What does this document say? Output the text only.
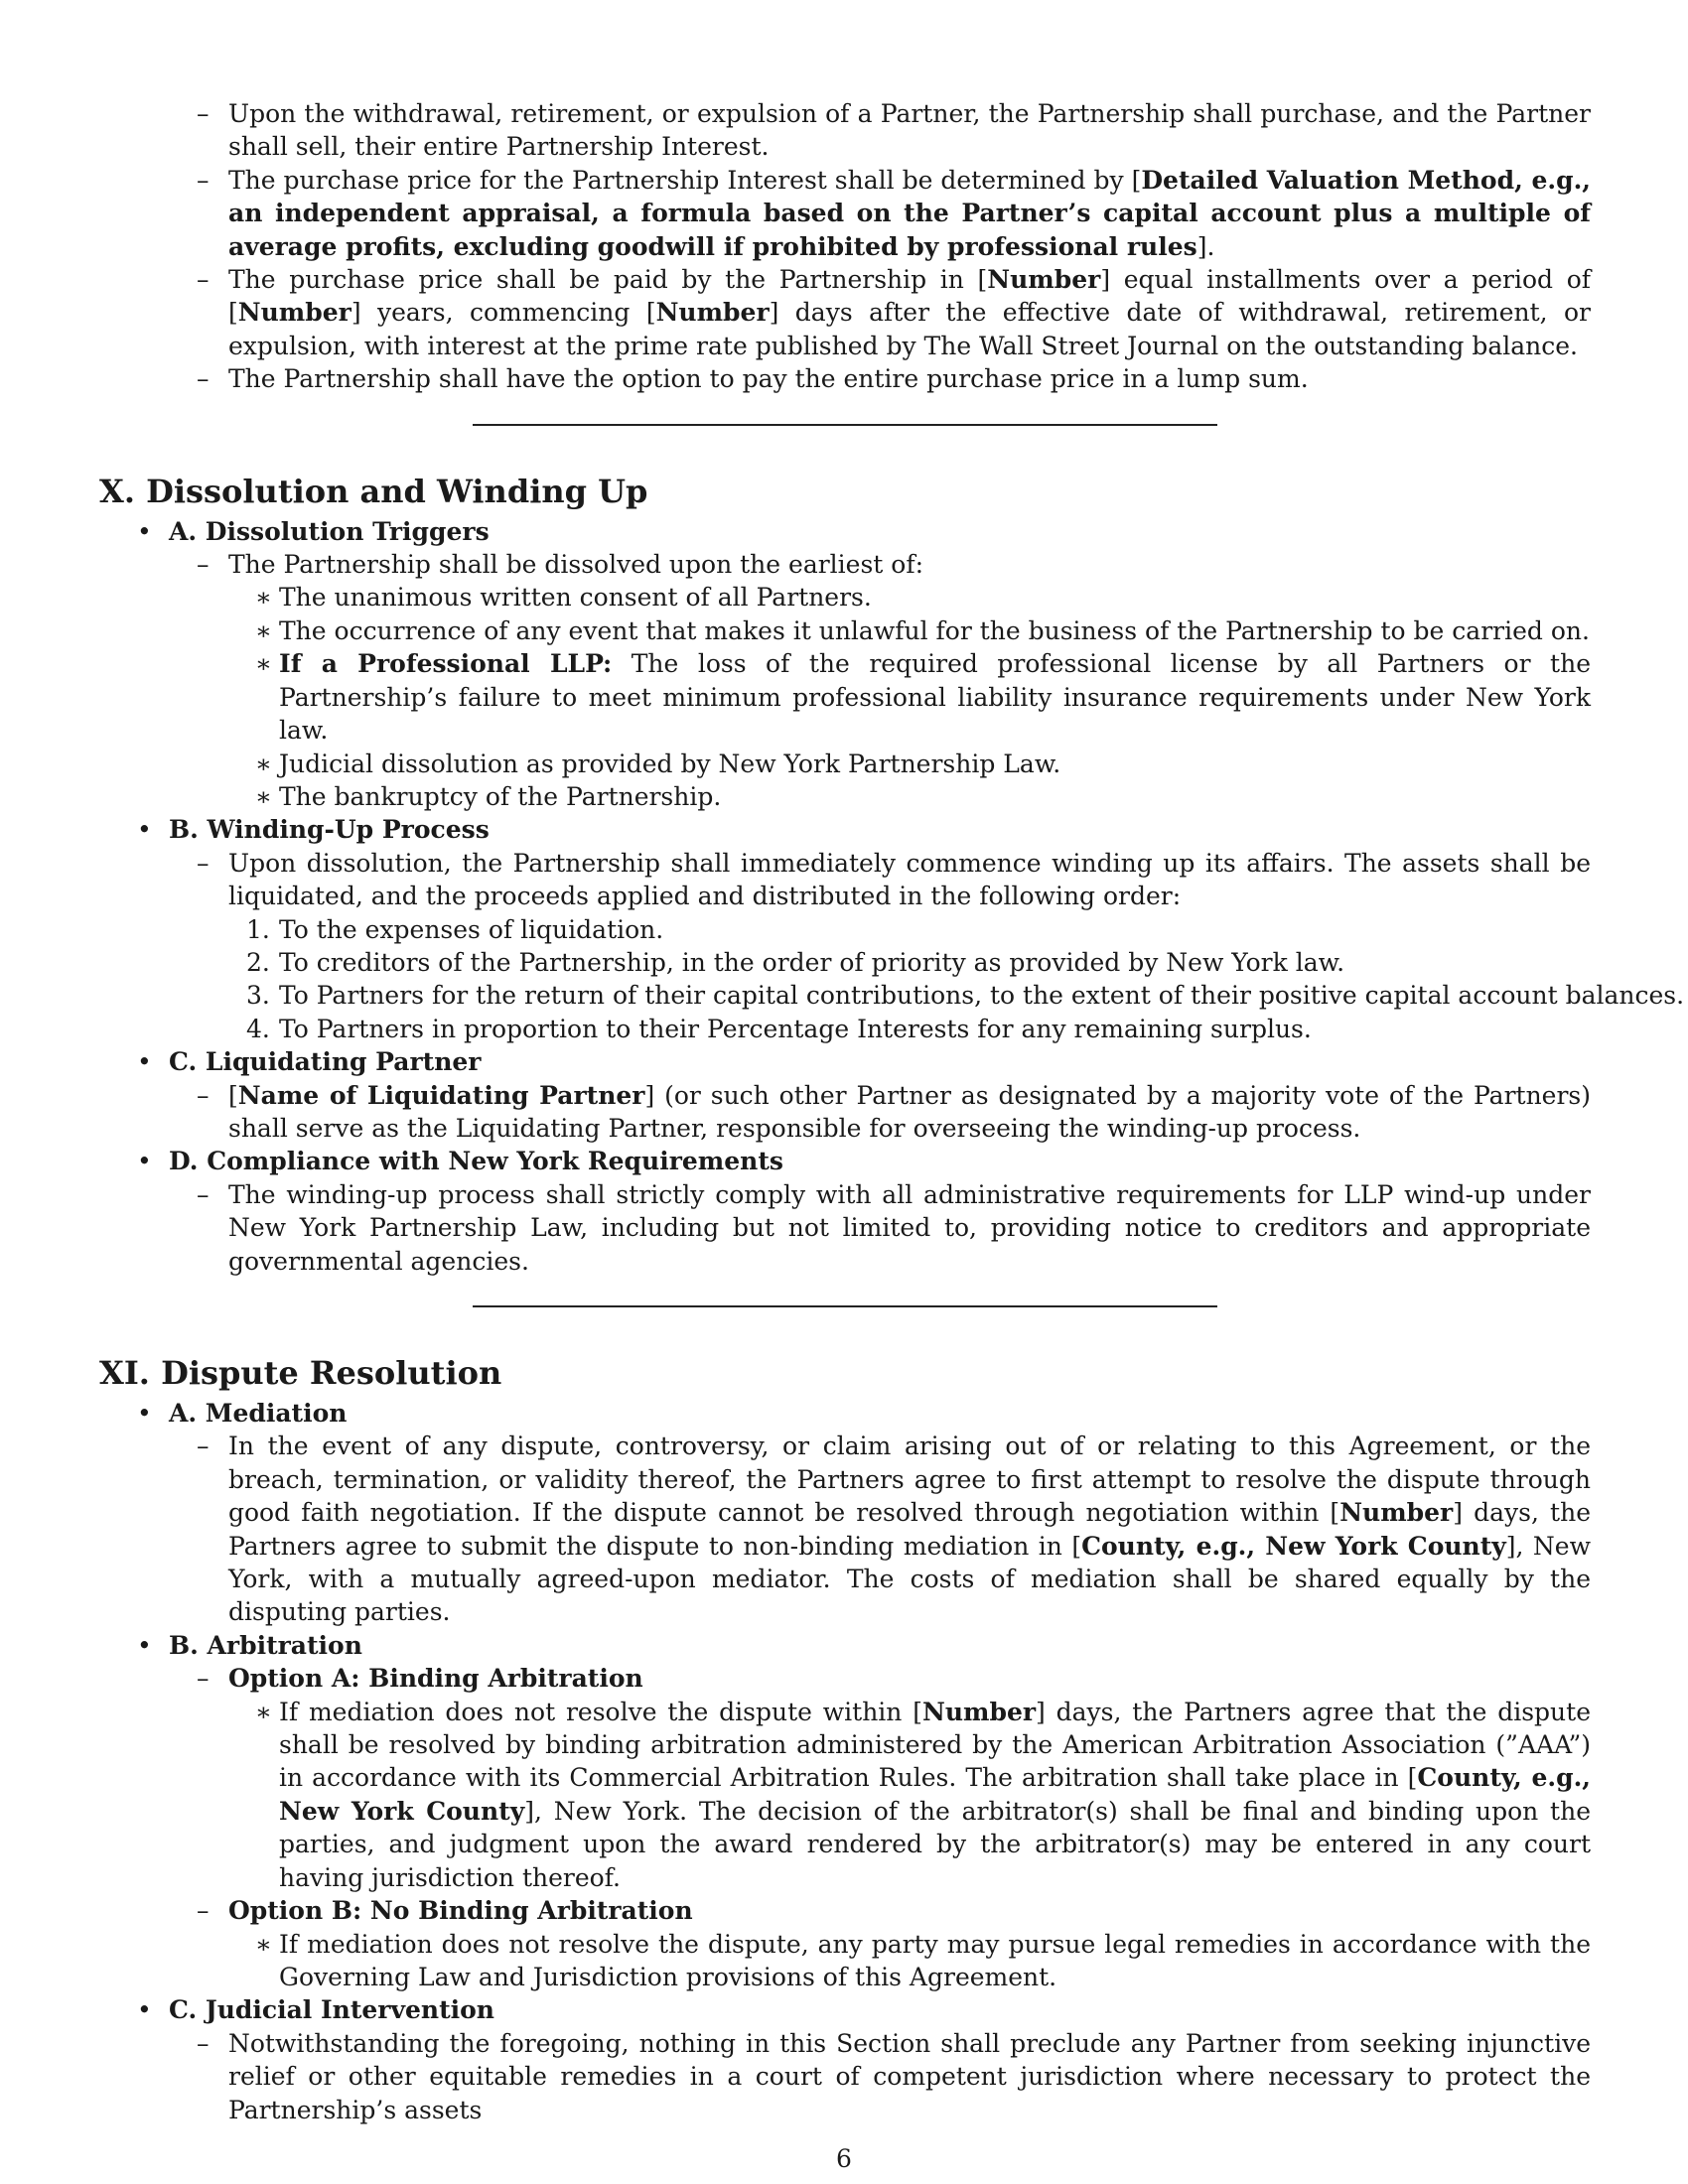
– Upon the withdrawal, retirement, or expulsion of a Partner, the Partnership shall purchase, and the Partner shall sell, their entire Partnership Interest.
– The purchase price for the Partnership Interest shall be determined by [Detailed Valuation Method, e.g., an independent appraisal, a formula based on the Partner’s capital account plus a multiple of average profits, excluding goodwill if prohibited by professional rules].
– The purchase price shall be paid by the Partnership in [Number] equal installments over a period of [Number] years, commencing [Number] days after the effective date of withdrawal, retirement, or expulsion, with interest at the prime rate published by The Wall Street Journal on the outstanding balance.
– The Partnership shall have the option to pay the entire purchase price in a lump sum.
X. Dissolution and Winding Up
• A. Dissolution Triggers
– The Partnership shall be dissolved upon the earliest of:
∗ The unanimous written consent of all Partners.
∗ The occurrence of any event that makes it unlawful for the business of the Partnership to be carried on.
∗ If a Professional LLP: The loss of the required professional license by all Partners or the Partnership’s failure to meet minimum professional liability insurance requirements under New York law.
∗ Judicial dissolution as provided by New York Partnership Law.
∗ The bankruptcy of the Partnership.
• B. Winding-Up Process
– Upon dissolution, the Partnership shall immediately commence winding up its affairs. The assets shall be liquidated, and the proceeds applied and distributed in the following order:
1. To the expenses of liquidation.
2. To creditors of the Partnership, in the order of priority as provided by New York law.
3. To Partners for the return of their capital contributions, to the extent of their positive capital account balances.
4. To Partners in proportion to their Percentage Interests for any remaining surplus.
• C. Liquidating Partner
– [Name of Liquidating Partner] (or such other Partner as designated by a majority vote of the Partners) shall serve as the Liquidating Partner, responsible for overseeing the winding-up process.
• D. Compliance with New York Requirements
– The winding-up process shall strictly comply with all administrative requirements for LLP wind-up under New York Partnership Law, including but not limited to, providing notice to creditors and appropriate governmental agencies.
XI. Dispute Resolution
• A. Mediation
– In the event of any dispute, controversy, or claim arising out of or relating to this Agreement, or the breach, termination, or validity thereof, the Partners agree to first attempt to resolve the dispute through good faith negotiation. If the dispute cannot be resolved through negotiation within [Number] days, the Partners agree to submit the dispute to non-binding mediation in [County, e.g., New York County], New York, with a mutually agreed-upon mediator. The costs of mediation shall be shared equally by the disputing parties.
• B. Arbitration
– Option A: Binding Arbitration
∗ If mediation does not resolve the dispute within [Number] days, the Partners agree that the dispute shall be resolved by binding arbitration administered by the American Arbitration Association (”AAA”) in accordance with its Commercial Arbitration Rules. The arbitration shall take place in [County, e.g., New York County], New York. The decision of the arbitrator(s) shall be final and binding upon the parties, and judgment upon the award rendered by the arbitrator(s) may be entered in any court having jurisdiction thereof.
– Option B: No Binding Arbitration
∗ If mediation does not resolve the dispute, any party may pursue legal remedies in accordance with the Governing Law and Jurisdiction provisions of this Agreement.
• C. Judicial Intervention
– Notwithstanding the foregoing, nothing in this Section shall preclude any Partner from seeking injunctive relief or other equitable remedies in a court of competent jurisdiction where necessary to protect the Partnership’s assets
6
